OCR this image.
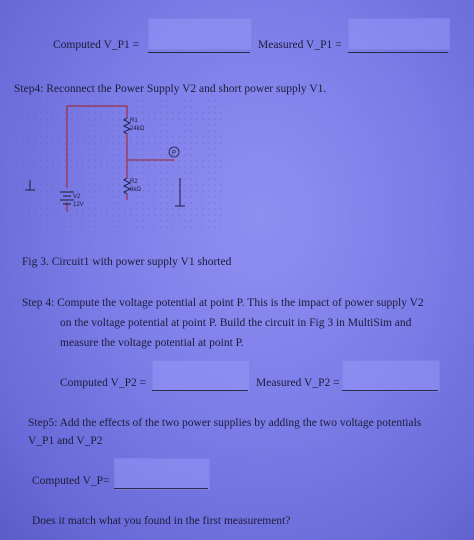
Computed V_P1 =	Measured V_P1 =
Step4: Reconnect the Power Supply V2 and short power supply V1.
P
R1
24kΩ
R2
6kΩ
V2
12V
Fig 3. Circuit1 with power supply V1 shorted
Step 4: Compute the voltage potential at point P. This is the impact of power supply V2
on the voltage potential at point P. Build the circuit in Fig 3 in MultiSim and
measure the voltage potential at point P.
Computed V_P2 =	Measured V_P2 =
Step5: Add the effects of the two power supplies by adding the two voltage potentials
V_P1 and V_P2
Computed V_P=
Does it match what you found in the first measurement?
